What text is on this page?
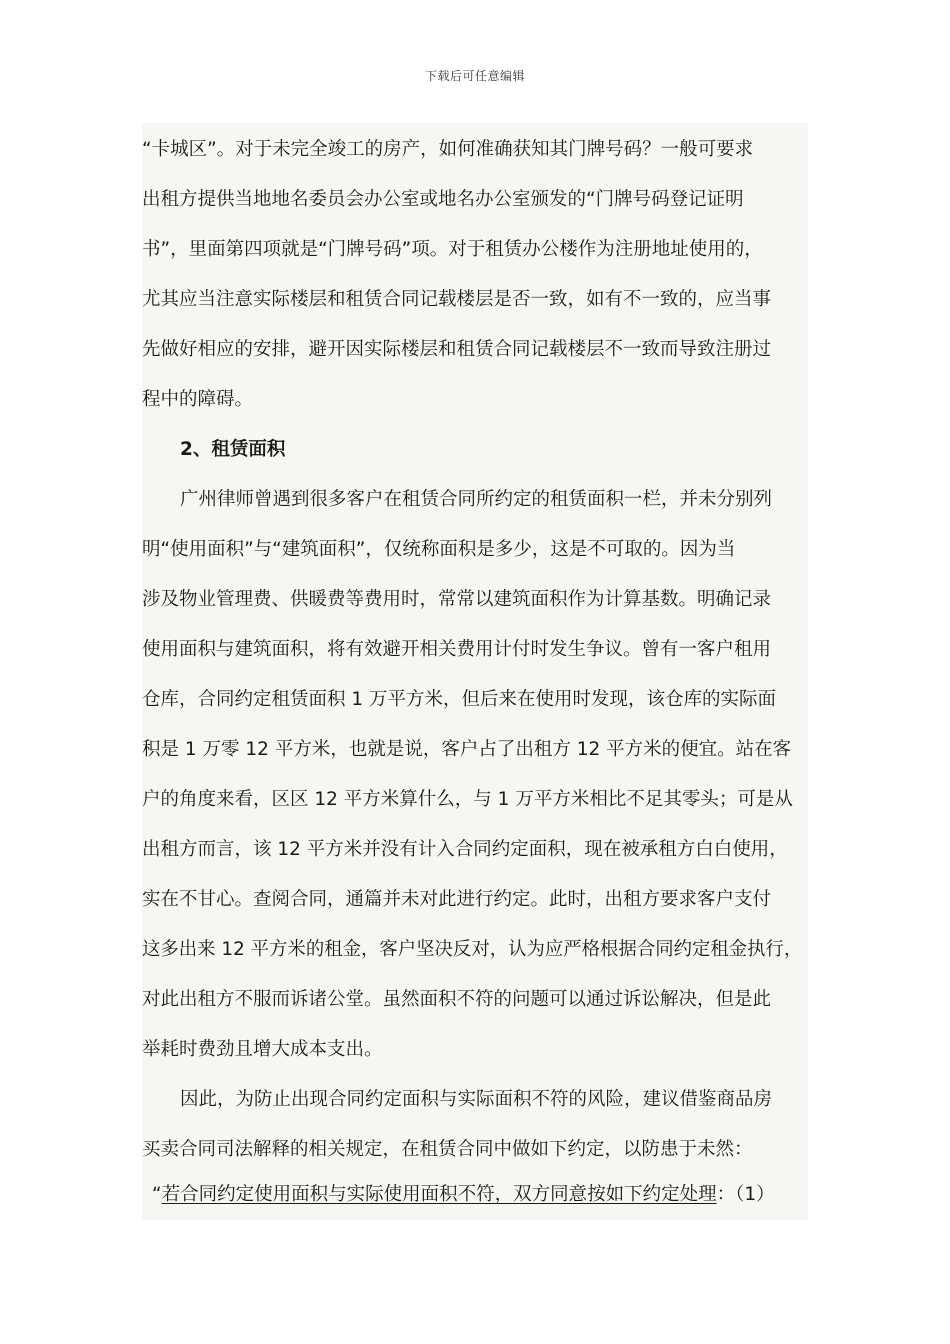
下载后可任意编辑
“卡城区”。对于未完全竣工的房产，如何准确获知其门牌号码？一般可要求
出租方提供当地地名委员会办公室或地名办公室颁发的“门牌号码登记证明
书”，里面第四项就是“门牌号码”项。对于租赁办公楼作为注册地址使用的，
尤其应当注意实际楼层和租赁合同记载楼层是否一致，如有不一致的，应当事
先做好相应的安排，避开因实际楼层和租赁合同记载楼层不一致而导致注册过
程中的障碍。
2、租赁面积
广州律师曾遇到很多客户在租赁合同所约定的租赁面积一栏，并未分别列
明“使用面积”与“建筑面积”，仅统称面积是多少，这是不可取的。因为当
涉及物业管理费、供暖费等费用时，常常以建筑面积作为计算基数。明确记录
使用面积与建筑面积，将有效避开相关费用计付时发生争议。曾有一客户租用
仓库，合同约定租赁面积 1 万平方米，但后来在使用时发现，该仓库的实际面
积是 1 万零 12 平方米，也就是说，客户占了出租方 12 平方米的便宜。站在客
户的角度来看，区区 12 平方米算什么，与 1 万平方米相比不足其零头；可是从
出租方而言，该 12 平方米并没有计入合同约定面积，现在被承租方白白使用，
实在不甘心。查阅合同，通篇并未对此进行约定。此时，出租方要求客户支付
这多出来 12 平方米的租金，客户坚决反对，认为应严格根据合同约定租金执行，
对此出租方不服而诉诸公堂。虽然面积不符的问题可以通过诉讼解决，但是此
举耗时费劲且增大成本支出。
因此，为防止出现合同约定面积与实际面积不符的风险，建议借鉴商品房
买卖合同司法解释的相关规定，在租赁合同中做如下约定，以防患于未然：
“若合同约定使用面积与实际使用面积不符，双方同意按如下约定处理：（1）
